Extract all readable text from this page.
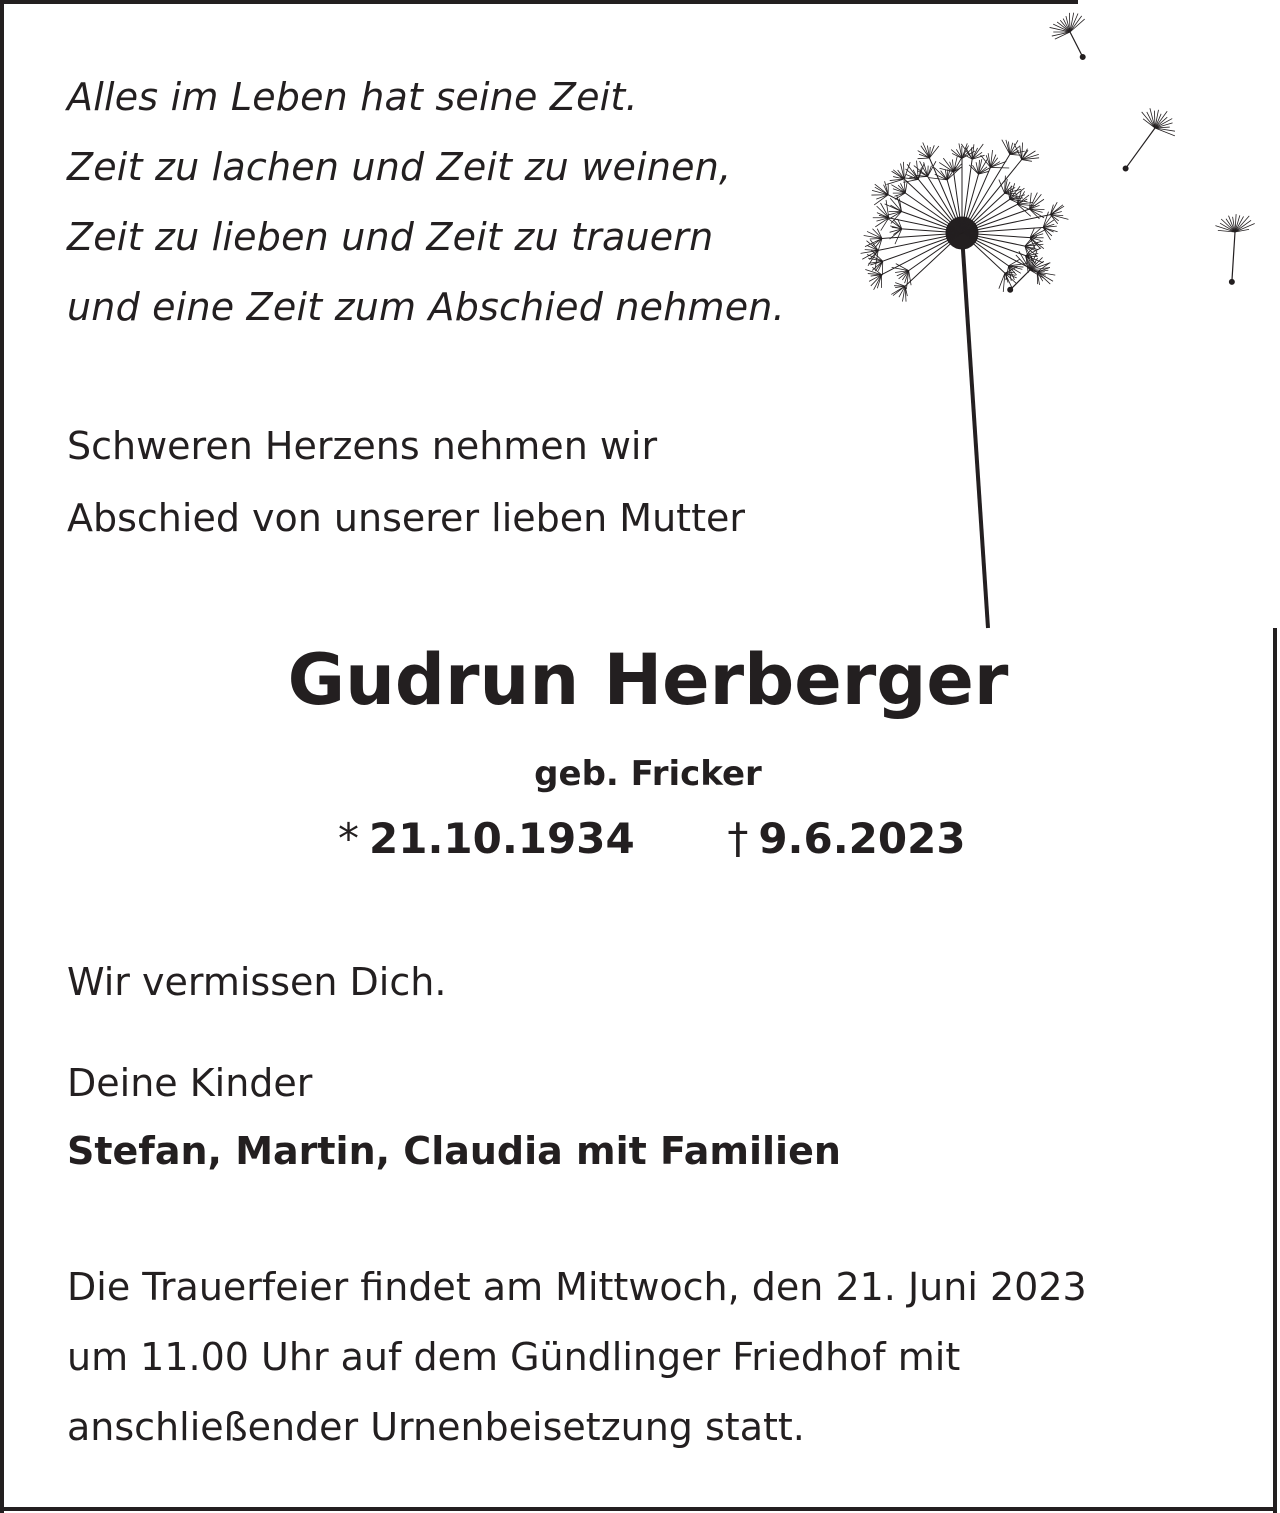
Alles im Leben hat seine Zeit.
Zeit zu lachen und Zeit zu weinen,
Zeit zu lieben und Zeit zu trauern
und eine Zeit zum Abschied nehmen.
Schweren Herzens nehmen wir
Abschied von unserer lieben Mutter
Gudrun Herberger
geb. Fricker
* 21.10.1934 † 9.6.2023
Wir vermissen Dich.
Deine Kinder
Stefan, Martin, Claudia mit Familien
Die Trauerfeier findet am Mittwoch, den 21. Juni 2023
um 11.00 Uhr auf dem Gündlinger Friedhof mit
anschließender Urnenbeisetzung statt.
